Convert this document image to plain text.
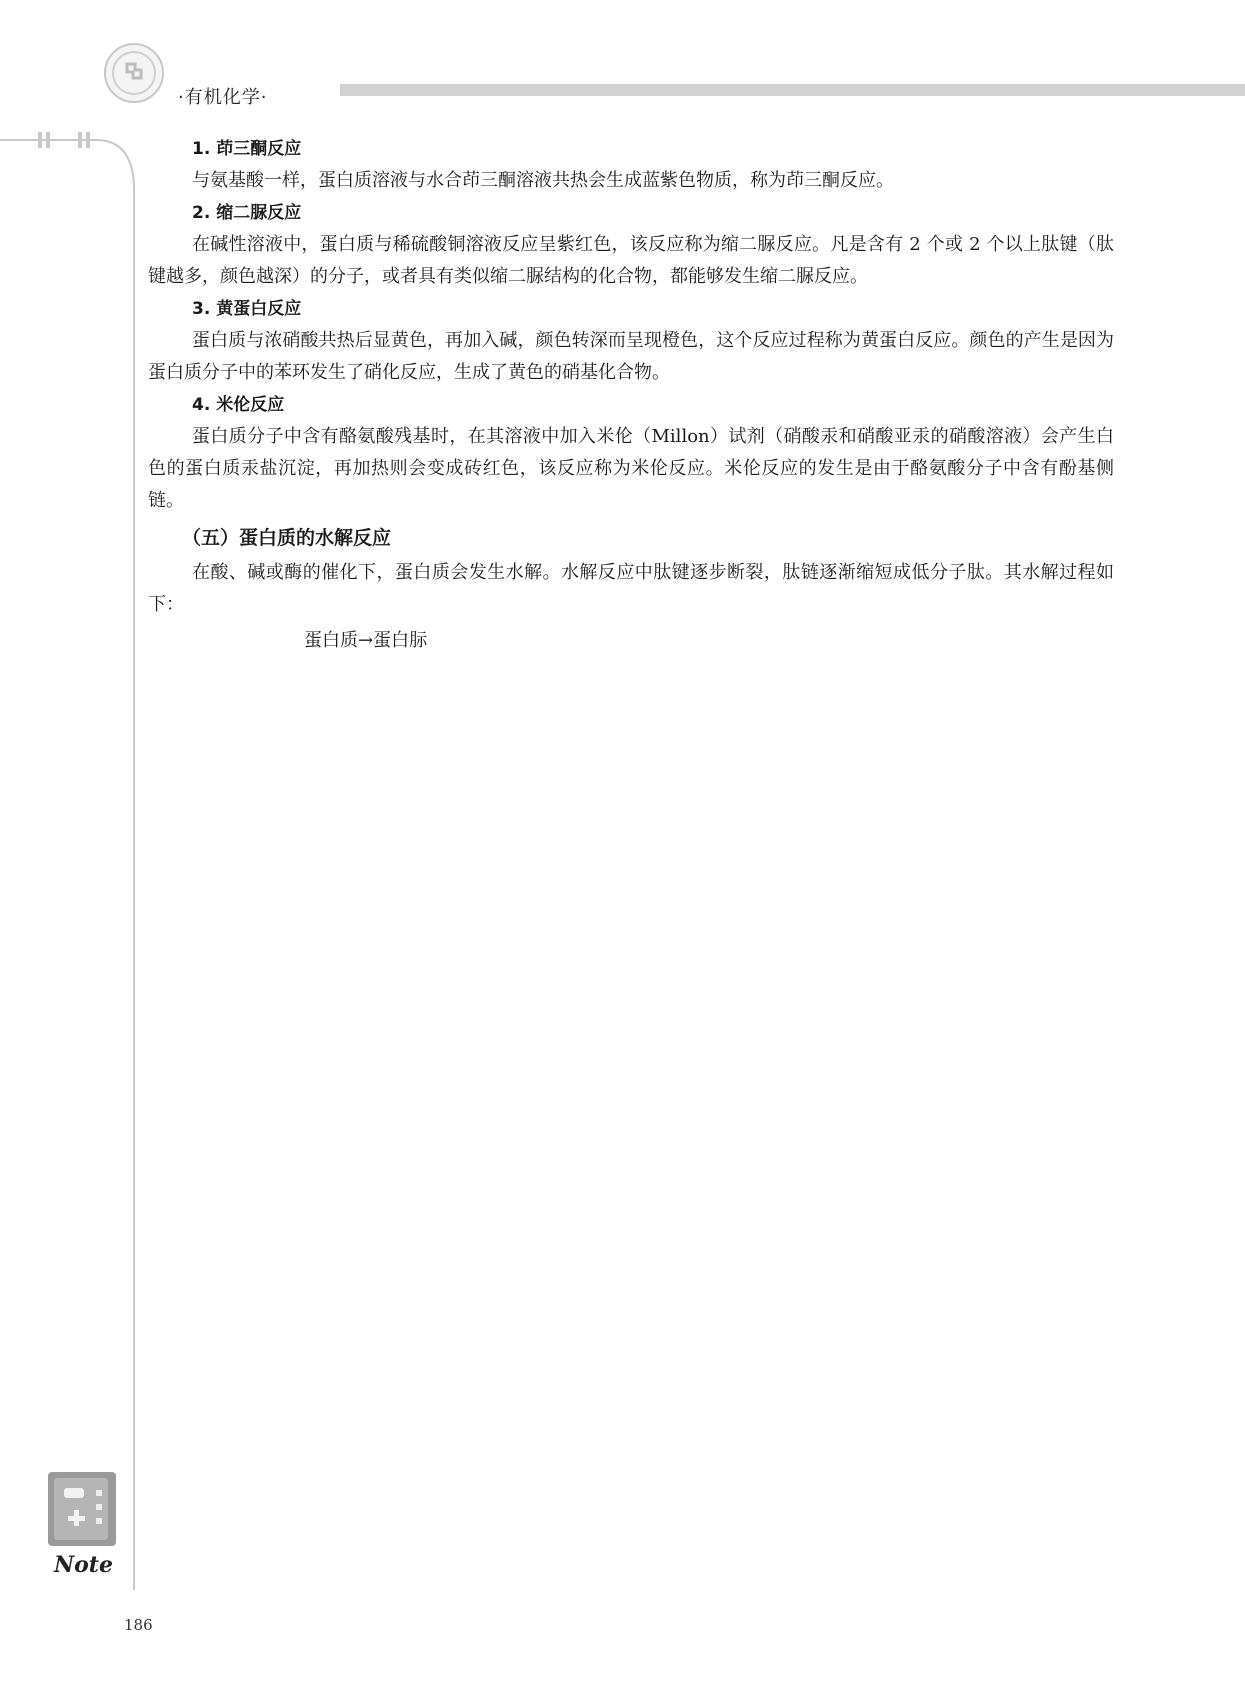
·有机化学·
1. 茚三酮反应

与氨基酸一样，蛋白质溶液与水合茚三酮溶液共热会生成蓝紫色物质，称为茚三酮反应。

2. 缩二脲反应

在碱性溶液中，蛋白质与稀硫酸铜溶液反应呈紫红色，该反应称为缩二脲反应。凡是含有 2 个或 2 个以上肽键（肽键越多，颜色越深）的分子，或者具有类似缩二脲结构的化合物，都能够发生缩二脲反应。

3. 黄蛋白反应

蛋白质与浓硝酸共热后显黄色，再加入碱，颜色转深而呈现橙色，这个反应过程称为黄蛋白反应。颜色的产生是因为蛋白质分子中的苯环发生了硝化反应，生成了黄色的硝基化合物。

4. 米伦反应

蛋白质分子中含有酪氨酸残基时，在其溶液中加入米伦（Millon）试剂（硝酸汞和硝酸亚汞的硝酸溶液）会产生白色的蛋白质汞盐沉淀，再加热则会变成砖红色，该反应称为米伦反应。米伦反应的发生是由于酪氨酸分子中含有酚基侧链。

（五）蛋白质的水解反应

在酸、碱或酶的催化下，蛋白质会发生水解。水解反应中肽键逐步断裂，肽链逐渐缩短成低分子肽。其水解过程如下：

蛋白质→蛋白䏡

Note
186
